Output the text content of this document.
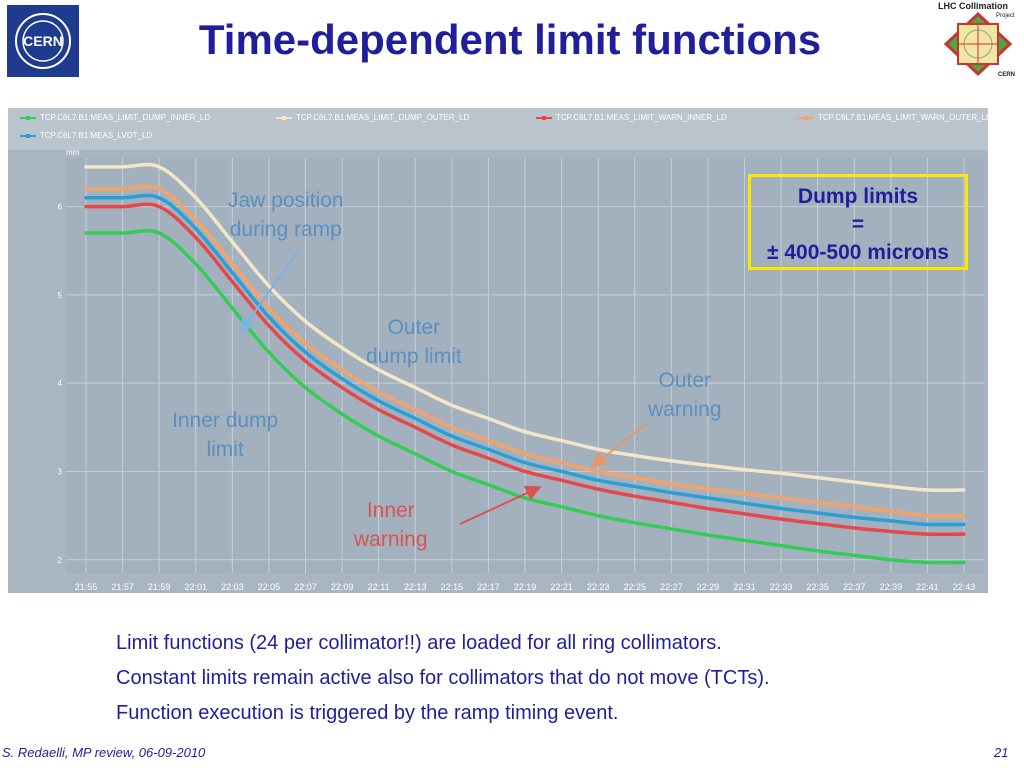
CERN	Time-dependent limit functions
LHC Collimation
Project
CERN
TCP.C6L7.B1:MEAS_LIMIT_DUMP_INNER_LD	TCP.C6L7.B1:MEAS_LIMIT_DUMP_OUTER_LD	TCP.C6L7.B1:MEAS_LIMIT_WARN_INNER_LD	TCP.C6L7.B1:MEAS_LIMIT_WARN_OUTER_LD
TCP.C6L7.B1:MEAS_LVDT_LD
2
3
4
5
6
mm
21:55 21:57 21:59 22:01 22:03 22:05 22:07 22:09 22:11 22:13 22:15 22:17 22:19 22:21 22:23 22:25 22:27 22:29 22:31 22:33 22:35 22:37 22:39 22:41 22:43
Jaw position
during ramp
Outer
dump limit
Inner dump
limit
Outer
warning
Inner
warning
Dump limits
=
± 400-500 microns
Limit functions (24 per collimator!!) are loaded for all ring collimators.
Constant limits remain active also for collimators that do not move (TCTs).
Function execution is triggered by the ramp timing event.
S. Redaelli, MP review, 06-09-2010	21
